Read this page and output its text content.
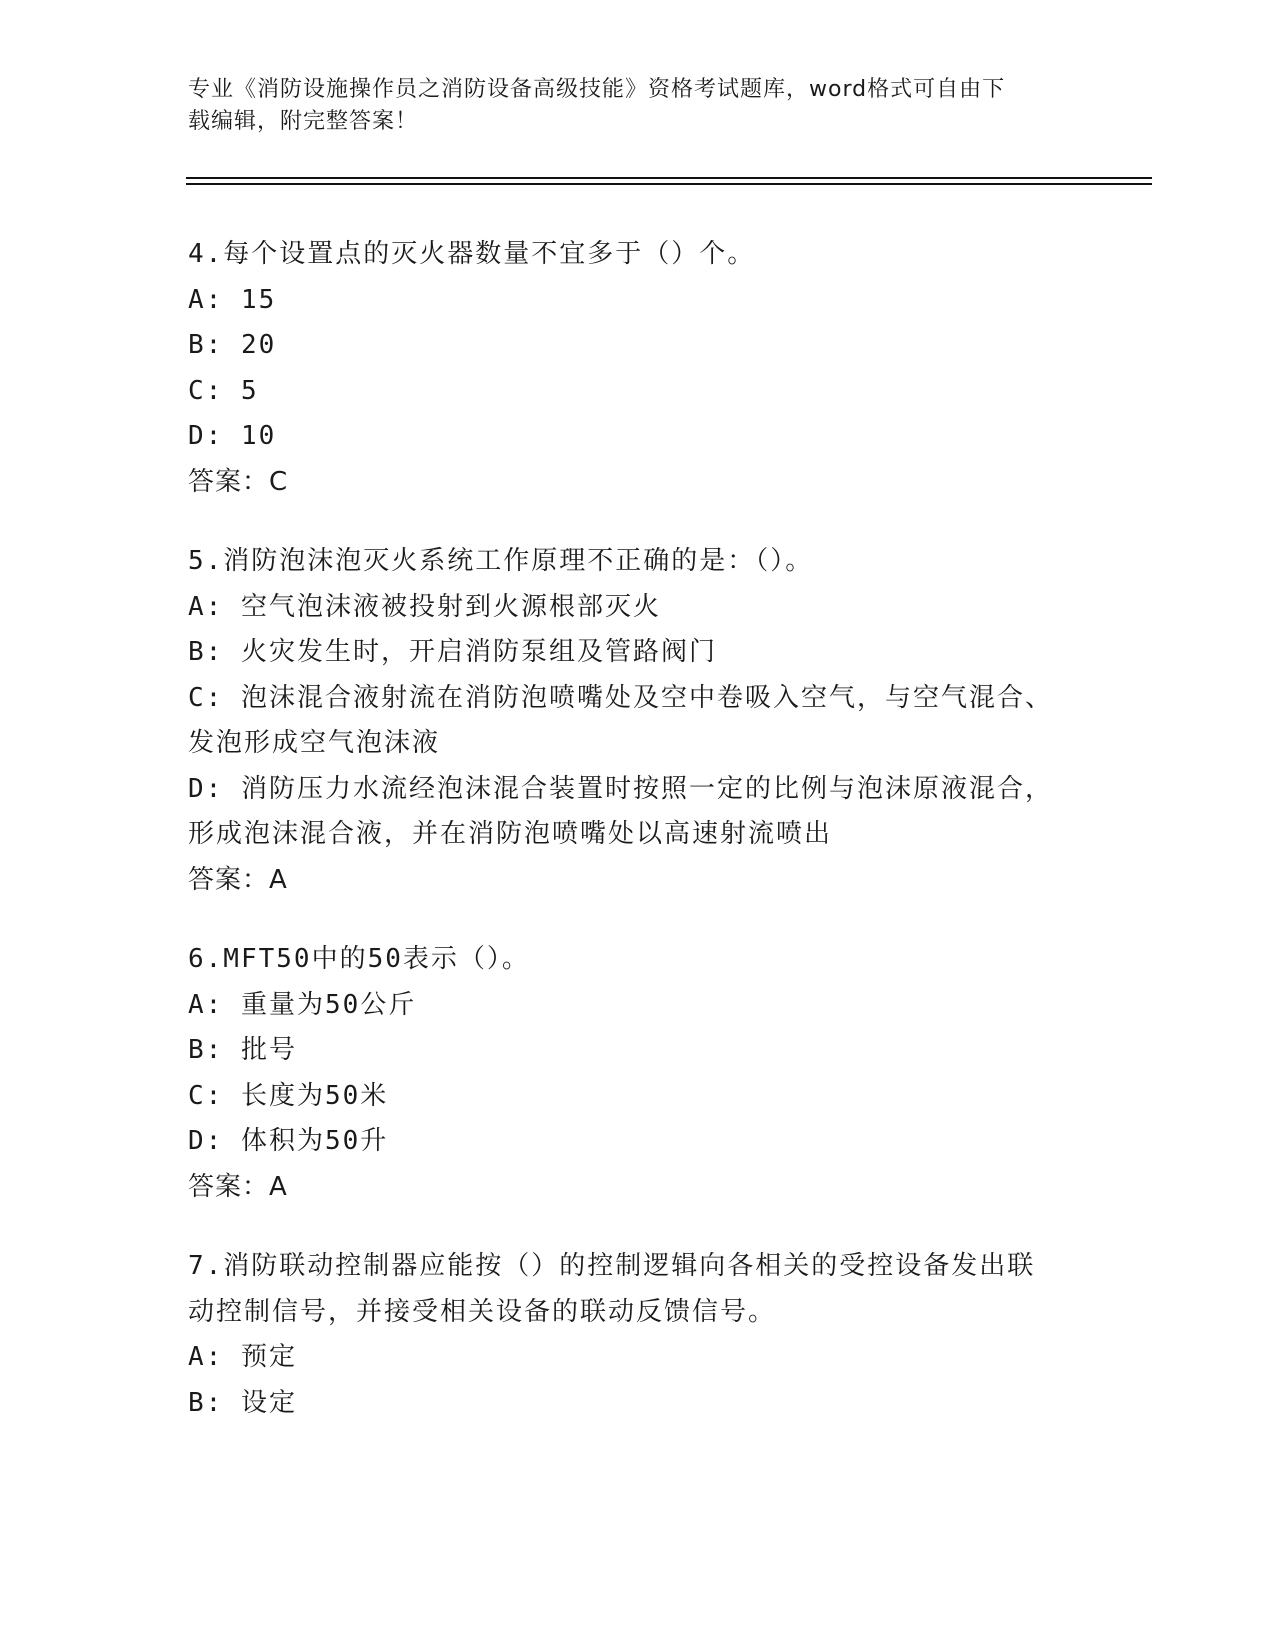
专业《消防设施操作员之消防设备高级技能》资格考试题库，word格式可自由下
载编辑，附完整答案！
4.每个设置点的灭火器数量不宜多于（）个。
A: 15
B: 20
C: 5
D: 10
答案：C
5.消防泡沫泡灭火系统工作原理不正确的是：（）。
A: 空气泡沫液被投射到火源根部灭火
B: 火灾发生时，开启消防泵组及管路阀门
C: 泡沫混合液射流在消防泡喷嘴处及空中卷吸入空气，与空气混合、
发泡形成空气泡沫液
D: 消防压力水流经泡沫混合装置时按照一定的比例与泡沫原液混合，
形成泡沫混合液，并在消防泡喷嘴处以高速射流喷出
答案：A
6.MFT50中的50表示（）。
A: 重量为50公斤
B: 批号
C: 长度为50米
D: 体积为50升
答案：A
7.消防联动控制器应能按（）的控制逻辑向各相关的受控设备发出联
动控制信号，并接受相关设备的联动反馈信号。
A: 预定
B: 设定
